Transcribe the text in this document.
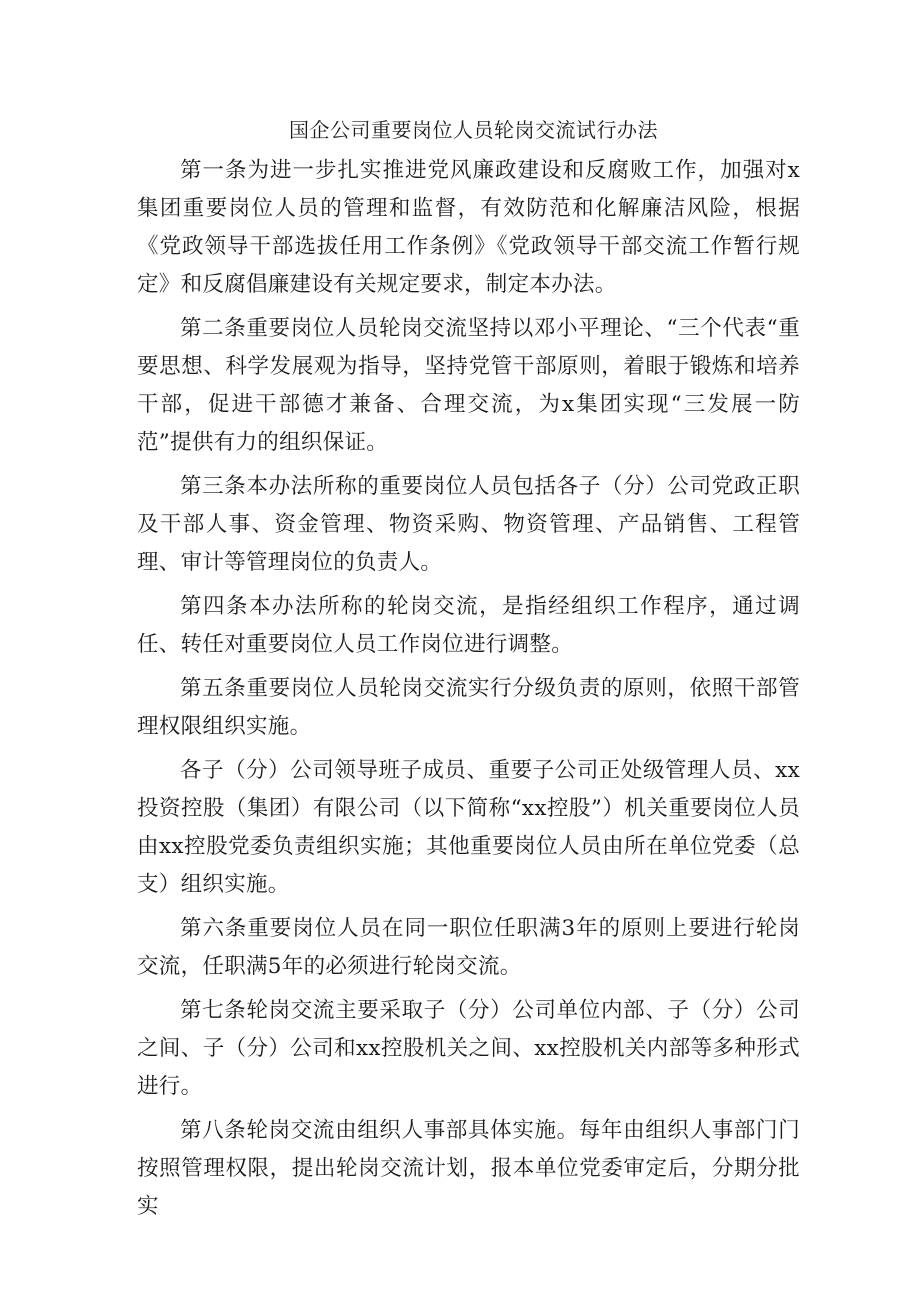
国企公司重要岗位人员轮岗交流试行办法

第一条为进一步扎实推进党风廉政建设和反腐败工作，加强对x集团重要岗位人员的管理和监督，有效防范和化解廉洁风险，根据《党政领导干部选拔任用工作条例》《党政领导干部交流工作暂行规定》和反腐倡廉建设有关规定要求，制定本办法。

第二条重要岗位人员轮岗交流坚持以邓小平理论、“三个代表“重要思想、科学发展观为指导，坚持党管干部原则，着眼于锻炼和培养干部，促进干部德才兼备、合理交流，为x集团实现“三发展一防范”提供有力的组织保证。

第三条本办法所称的重要岗位人员包括各子（分）公司党政正职及干部人事、资金管理、物资采购、物资管理、产品销售、工程管理、审计等管理岗位的负责人。

第四条本办法所称的轮岗交流，是指经组织工作程序，通过调任、转任对重要岗位人员工作岗位进行调整。

第五条重要岗位人员轮岗交流实行分级负责的原则，依照干部管理权限组织实施。

各子（分）公司领导班子成员、重要子公司正处级管理人员、xx投资控股（集团）有限公司（以下简称“xx控股”）机关重要岗位人员由xx控股党委负责组织实施；其他重要岗位人员由所在单位党委（总支）组织实施。

第六条重要岗位人员在同一职位任职满3年的原则上要进行轮岗交流，任职满5年的必须进行轮岗交流。

第七条轮岗交流主要采取子（分）公司单位内部、子（分）公司之间、子（分）公司和xx控股机关之间、xx控股机关内部等多种形式进行。

第八条轮岗交流由组织人事部具体实施。每年由组织人事部门门按照管理权限，提出轮岗交流计划，报本单位党委审定后，分期分批实
